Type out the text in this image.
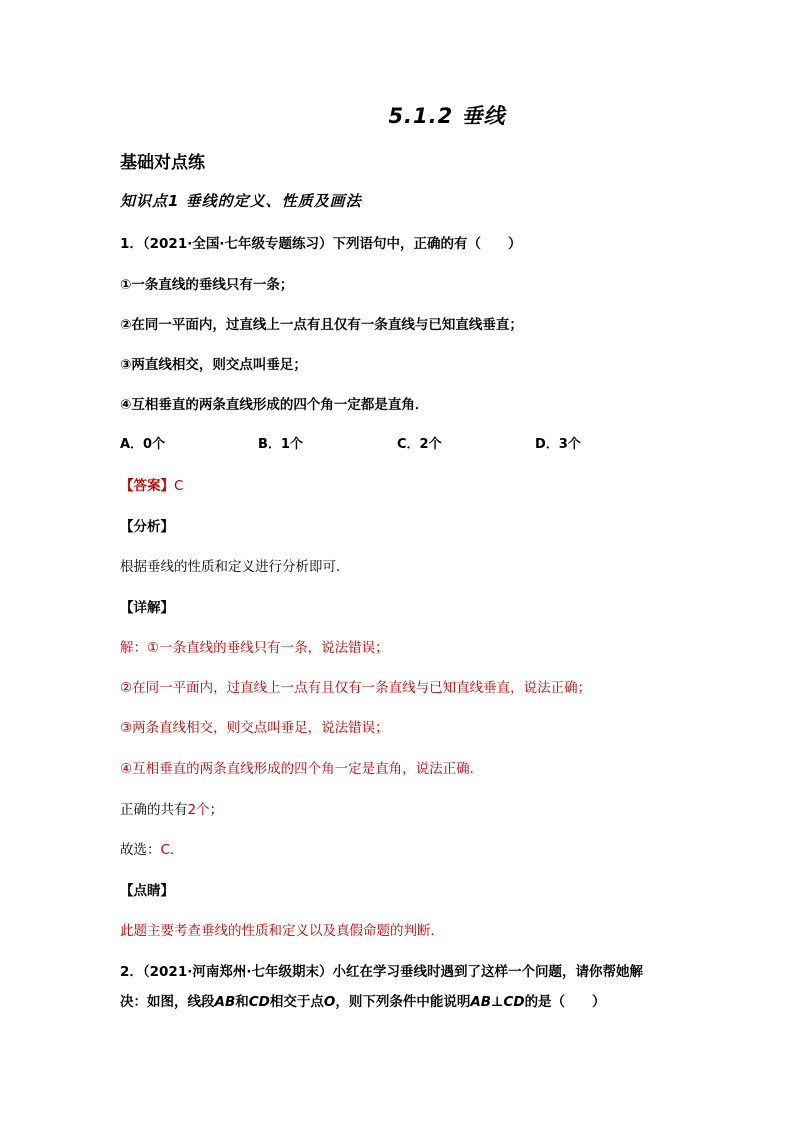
5.1.2 垂线
基础对点练
知识点1 垂线的定义、性质及画法
1．（2021·全国·七年级专题练习）下列语句中，正确的有（　　）
①一条直线的垂线只有一条；
②在同一平面内，过直线上一点有且仅有一条直线与已知直线垂直；
③两直线相交，则交点叫垂足；
④互相垂直的两条直线形成的四个角一定都是直角．
A．0个	B．1个	C．2个	D．3个
【答案】C
【分析】
根据垂线的性质和定义进行分析即可．
【详解】
解：①一条直线的垂线只有一条，说法错误；
②在同一平面内，过直线上一点有且仅有一条直线与已知直线垂直，说法正确；
③两条直线相交，则交点叫垂足，说法错误；
④互相垂直的两条直线形成的四个角一定是直角，说法正确．
正确的共有2个；
故选：C．
【点睛】
此题主要考查垂线的性质和定义以及真假命题的判断．
2．（2021·河南郑州·七年级期末）小红在学习垂线时遇到了这样一个问题，请你帮她解
决：如图，线段AB和CD相交于点O，则下列条件中能说明AB⊥CD的是（　　）
